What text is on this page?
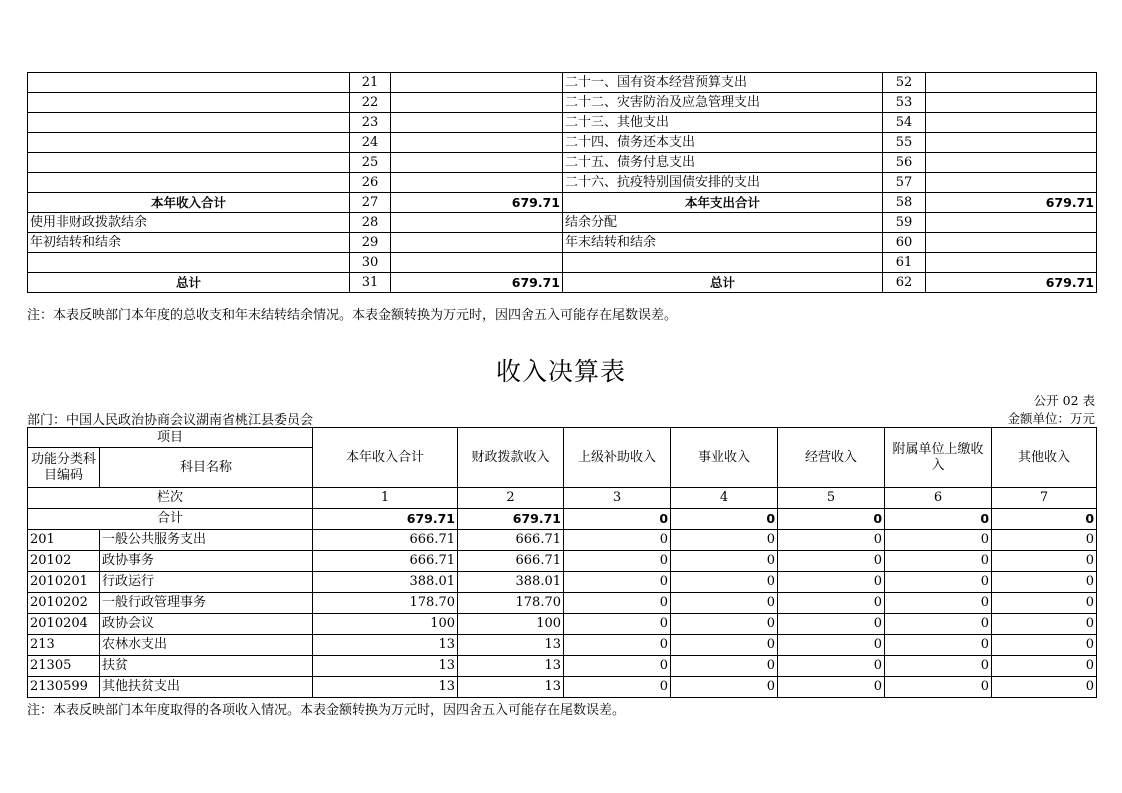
	21		二十一、国有资本经营预算支出	52	
	22		二十二、灾害防治及应急管理支出	53	
	23		二十三、其他支出	54	
	24		二十四、债务还本支出	55	
	25		二十五、债务付息支出	56	
	26		二十六、抗疫特别国债安排的支出	57	
本年收入合计	27	679.71	本年支出合计	58	679.71
使用非财政拨款结余	28		结余分配	59	
年初结转和结余	29		年末结转和结余	60	
	30			61	
总计	31	679.71	总计	62	679.71
注：本表反映部门本年度的总收支和年末结转结余情况。本表金额转换为万元时，因四舍五入可能存在尾数误差。
收入决算表
公开 02 表
部门：中国人民政治协商会议湖南省桃江县委员会	金额单位：万元
项目		本年收入合计	财政拨款收入	上级补助收入	事业收入	经营收入	附属单位上缴收入	其他收入
功能分类科目编码	科目名称							
栏次		1	2	3	4	5	6	7
合计		679.71	679.71	0	0	0	0	0
201	一般公共服务支出	666.71	666.71	0	0	0	0	0
20102	政协事务	666.71	666.71	0	0	0	0	0
2010201	行政运行	388.01	388.01	0	0	0	0	0
2010202	一般行政管理事务	178.70	178.70	0	0	0	0	0
2010204	政协会议	100	100	0	0	0	0	0
213	农林水支出	13	13	0	0	0	0	0
21305	扶贫	13	13	0	0	0	0	0
2130599	其他扶贫支出	13	13	0	0	0	0	0
注：本表反映部门本年度取得的各项收入情况。本表金额转换为万元时，因四舍五入可能存在尾数误差。
